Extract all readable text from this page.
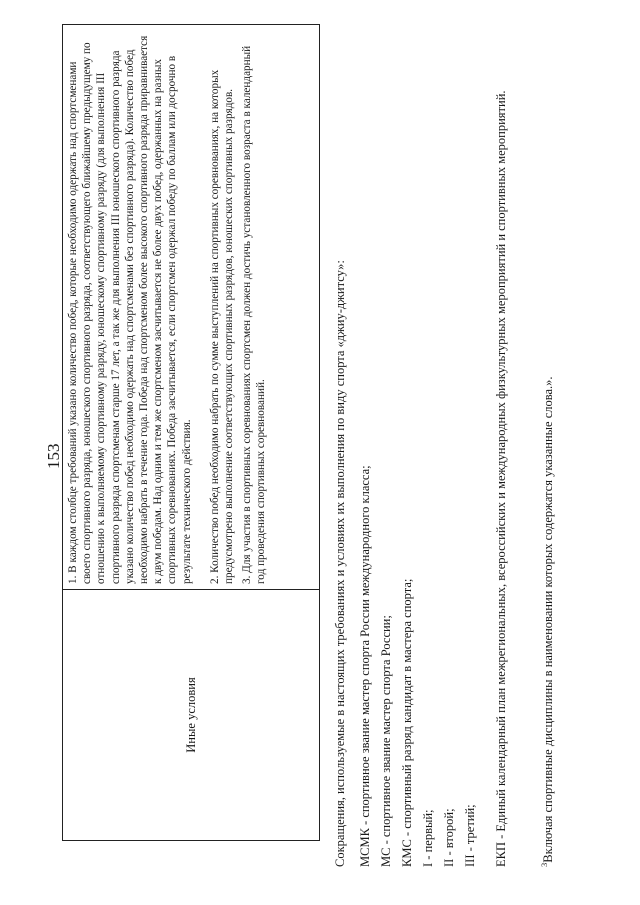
153
Иные условия

1. В каждом столбце требований указано количество побед, которые необходимо одержать над спортсменами своего спортивного разряда, юношеского спортивного разряда, соответствующего ближайшему предыдущему по отношению к выполняемому спортивному разряду, юношескому спортивному разряду (для выполнения III спортивного разряда спортсменам старше 17 лет, а так же для выполнения III юношеского спортивного разряда указано количество побед необходимо одержать над спортсменами без спортивного разряда). Количество побед необходимо набрать в течение года. Победа над спортсменом более высокого спортивного разряда приравнивается к двум победам. Над одним и тем же спортсменом засчитывается не более двух побед, одержанных на разных спортивных соревнованиях. Победа засчитывается, если спортсмен одержал победу по баллам или досрочно в результате технического действия. 2. Количество побед необходимо набрать по сумме выступлений на спортивных соревнованиях, на которых предусмотрено выполнение соответствующих спортивных разрядов, юношеских спортивных разрядов. 3. Для участия в спортивных соревнованиях спортсмен должен достичь установленного возраста в календарный год проведения спортивных соревнований.	Сокращения, используемые в настоящих требованиях и условиях их выполнения по виду спорта «джиу-джитсу»: МСМК - спортивное звание мастер спорта России международного класса; МС - спортивное звание мастер спорта России; КМС - спортивный разряд кандидат в мастера спорта; I - первый; II - второй; III - третий;	ЕКП - Единый календарный план межрегиональных, всероссийских и международных физкультурных мероприятий и спортивных мероприятий.	$^3$Включая спортивные дисциплины в наименовании которых содержатся указанные слова.».
